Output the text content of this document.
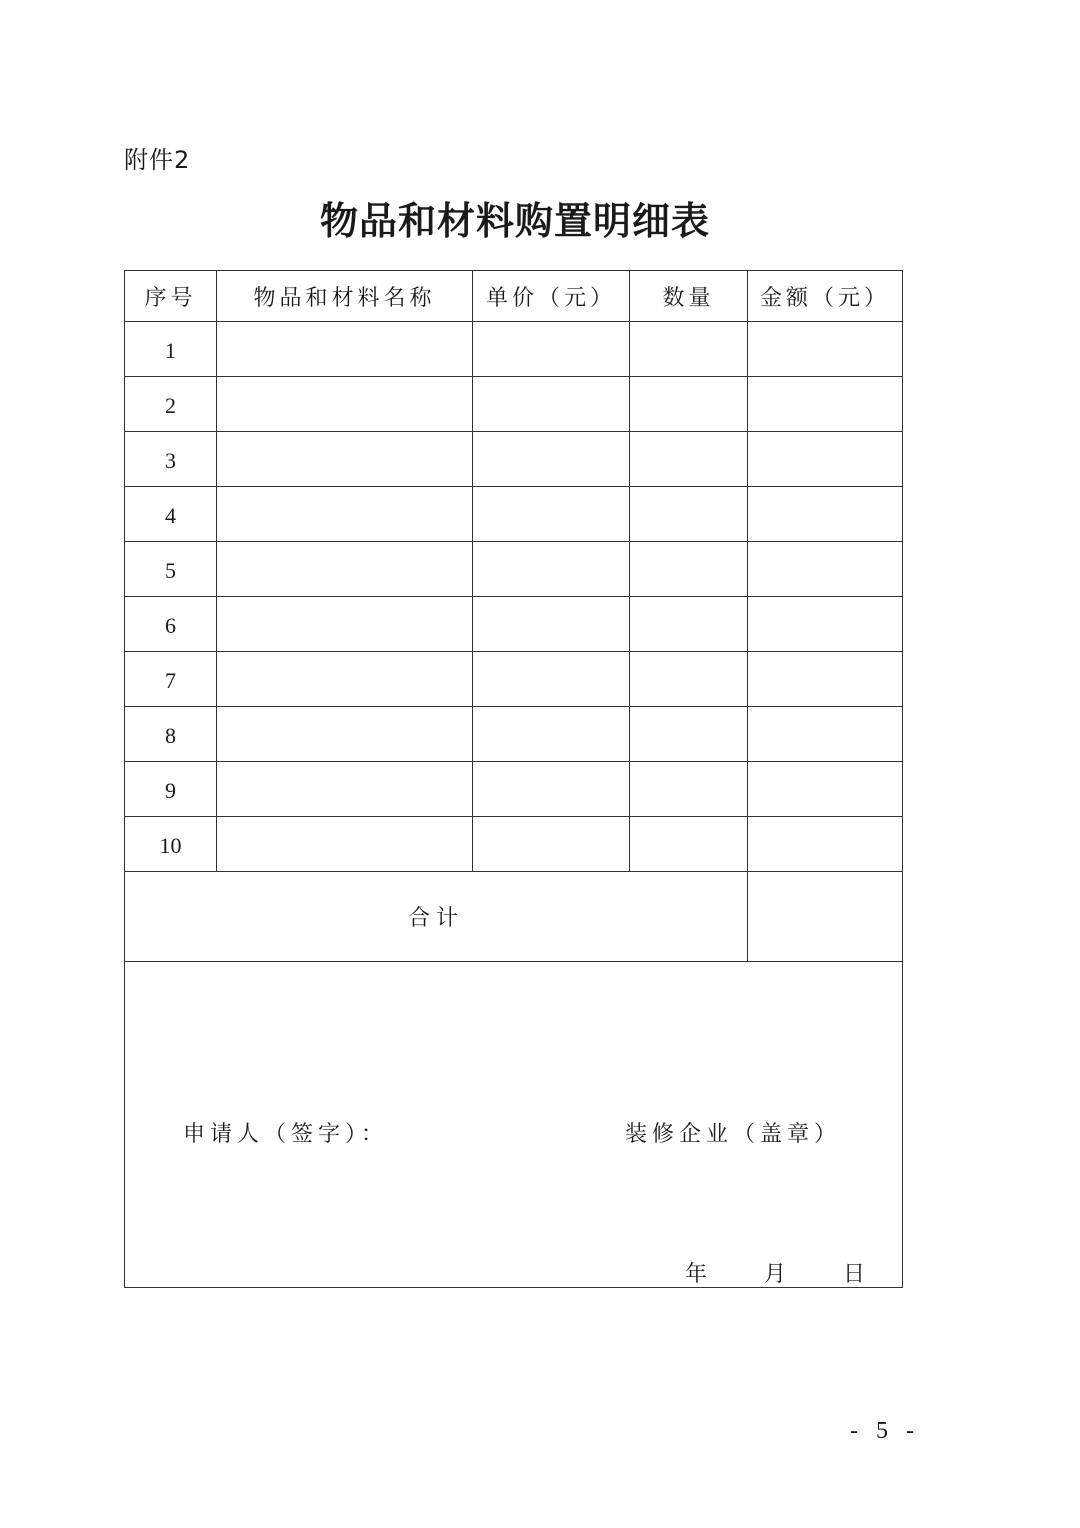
附件2
物品和材料购置明细表
序号	物品和材料名称	单价（元）	数量	金额（元）
1				
2				
3				
4				
5				
6				
7				
8				
9				
10				
合计				

申请人（签字）： 装修企业（盖章）
年 月 日				
- 5 -
